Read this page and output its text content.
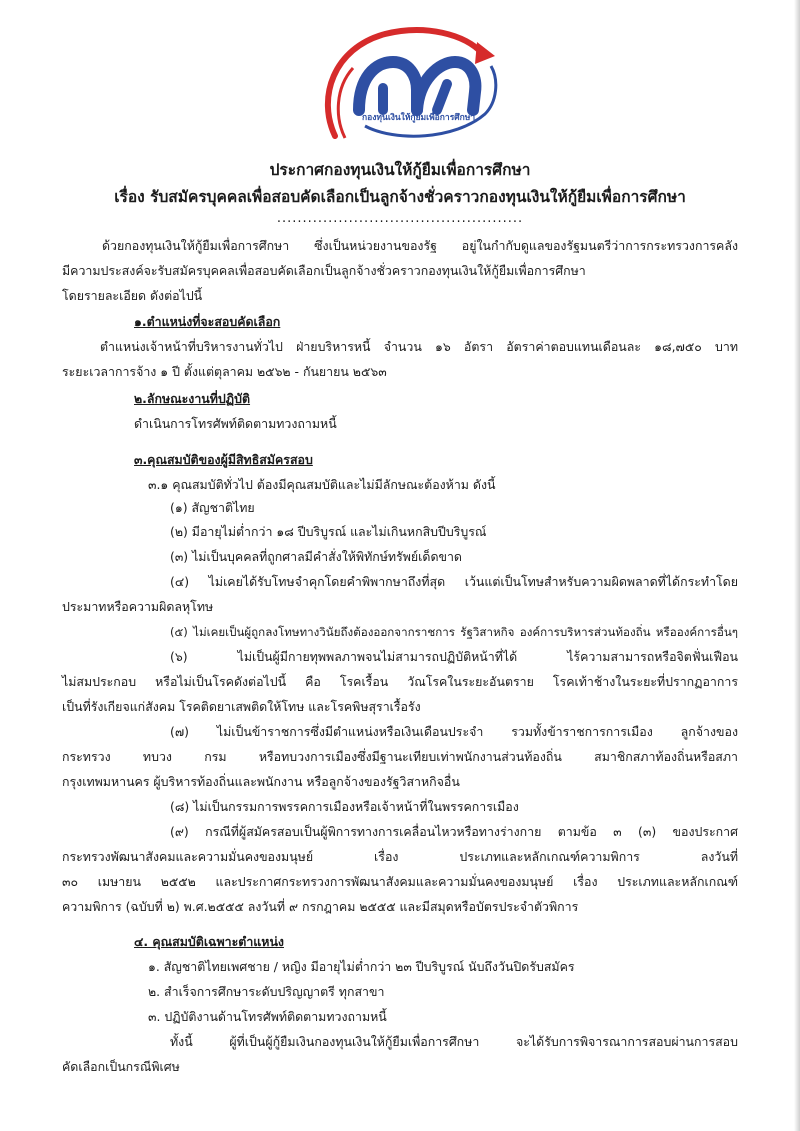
กองทุนเงินให้กู้ยืมเพื่อการศึกษา
ประกาศกองทุนเงินให้กู้ยืมเพื่อการศึกษา
เรื่อง รับสมัครบุคคลเพื่อสอบคัดเลือกเป็นลูกจ้างชั่วคราวกองทุนเงินให้กู้ยืมเพื่อการศึกษา
................................................
ด้วยกองทุนเงินให้กู้ยืมเพื่อการศึกษา ซึ่งเป็นหน่วยงานของรัฐ อยู่ในกำกับดูแลของรัฐมนตรีว่าการกระทรวงการคลัง
มีความประสงค์จะรับสมัครบุคคลเพื่อสอบคัดเลือกเป็นลูกจ้างชั่วคราวกองทุนเงินให้กู้ยืมเพื่อการศึกษา
โดยรายละเอียด ดังต่อไปนี้
๑.ตำแหน่งที่จะสอบคัดเลือก
ตำแหน่งเจ้าหน้าที่บริหารงานทั่วไป ฝ่ายบริหารหนี้ จำนวน ๑๖ อัตรา อัตราค่าตอบแทนเดือนละ ๑๘,๗๕๐ บาท
ระยะเวลาการจ้าง ๑ ปี ตั้งแต่ตุลาคม ๒๕๖๒ - กันยายน ๒๕๖๓
๒.ลักษณะงานที่ปฏิบัติ
ดำเนินการโทรศัพท์ติดตามทวงถามหนี้
๓.คุณสมบัติของผู้มีสิทธิสมัครสอบ
๓.๑ คุณสมบัติทั่วไป ต้องมีคุณสมบัติและไม่มีลักษณะต้องห้าม ดังนี้
(๑) สัญชาติไทย
(๒) มีอายุไม่ต่ำกว่า ๑๘ ปีบริบูรณ์ และไม่เกินหกสิบปีบริบูรณ์
(๓) ไม่เป็นบุคคลที่ถูกศาลมีคำสั่งให้พิทักษ์ทรัพย์เด็ดขาด
(๔) ไม่เคยได้รับโทษจำคุกโดยคำพิพากษาถึงที่สุด เว้นแต่เป็นโทษสำหรับความผิดพลาดที่ได้กระทำโดย
ประมาทหรือความผิดลหุโทษ
(๕) ไม่เคยเป็นผู้ถูกลงโทษทางวินัยถึงต้องออกจากราชการ รัฐวิสาหกิจ องค์การบริหารส่วนท้องถิ่น หรือองค์การอื่นๆ
(๖) ไม่เป็นผู้มีกายทุพพลภาพจนไม่สามารถปฏิบัติหน้าที่ได้ ไร้ความสามารถหรือจิตฟั่นเฟือน
ไม่สมประกอบ หรือไม่เป็นโรคดังต่อไปนี้ คือ โรคเรื้อน วัณโรคในระยะอันตราย โรคเท้าช้างในระยะที่ปรากฏอาการ
เป็นที่รังเกียจแก่สังคม โรคติดยาเสพติดให้โทษ และโรคพิษสุราเรื้อรัง
(๗) ไม่เป็นข้าราชการซึ่งมีตำแหน่งหรือเงินเดือนประจำ รวมทั้งข้าราชการการเมือง ลูกจ้างของ
กระทรวง ทบวง กรม หรือทบวงการเมืองซึ่งมีฐานะเทียบเท่าพนักงานส่วนท้องถิ่น สมาชิกสภาท้องถิ่นหรือสภา
กรุงเทพมหานคร ผู้บริหารท้องถิ่นและพนักงาน หรือลูกจ้างของรัฐวิสาหกิจอื่น
(๘) ไม่เป็นกรรมการพรรคการเมืองหรือเจ้าหน้าที่ในพรรคการเมือง
(๙) กรณีที่ผู้สมัครสอบเป็นผู้พิการทางการเคลื่อนไหวหรือทางร่างกาย ตามข้อ ๓ (๓) ของประกาศ
กระทรวงพัฒนาสังคมและความมั่นคงของมนุษย์ เรื่อง ประเภทและหลักเกณฑ์ความพิการ ลงวันที่
๓๐ เมษายน ๒๕๕๒ และประกาศกระทรวงการพัฒนาสังคมและความมั่นคงของมนุษย์ เรื่อง ประเภทและหลักเกณฑ์
ความพิการ (ฉบับที่ ๒) พ.ศ.๒๕๕๕ ลงวันที่ ๙ กรกฎาคม ๒๕๕๕ และมีสมุดหรือบัตรประจำตัวพิการ
๔. คุณสมบัติเฉพาะตำแหน่ง
๑. สัญชาติไทยเพศชาย / หญิง มีอายุไม่ต่ำกว่า ๒๓ ปีบริบูรณ์ นับถึงวันปิดรับสมัคร
๒. สำเร็จการศึกษาระดับปริญญาตรี ทุกสาขา
๓. ปฏิบัติงานด้านโทรศัพท์ติดตามทวงถามหนี้
ทั้งนี้ ผู้ที่เป็นผู้กู้ยืมเงินกองทุนเงินให้กู้ยืมเพื่อการศึกษา จะได้รับการพิจารณาการสอบผ่านการสอบ
คัดเลือกเป็นกรณีพิเศษ
